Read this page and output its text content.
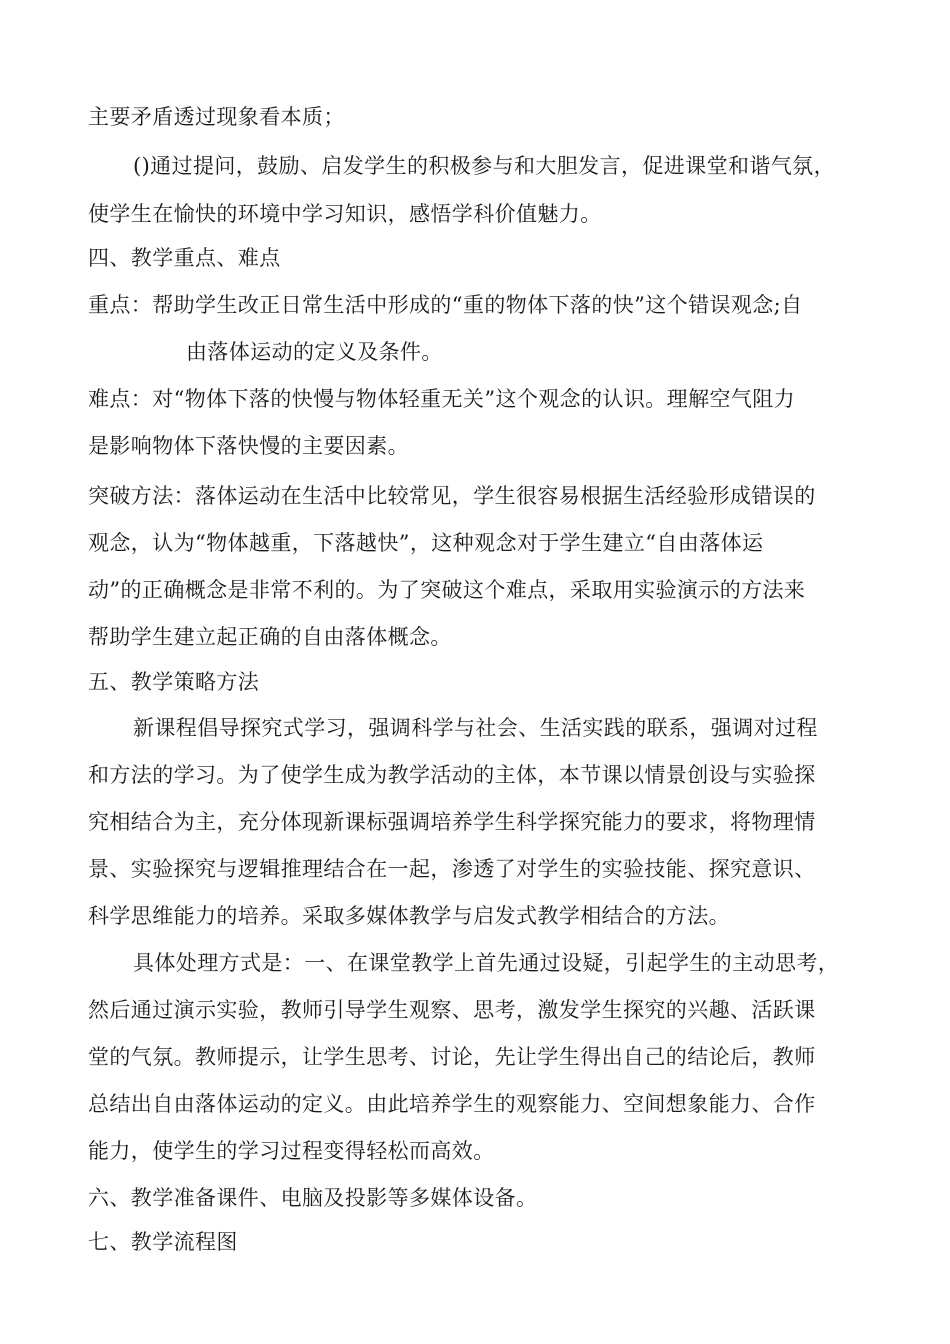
主要矛盾透过现象看本质；
()通过提问，鼓励、启发学生的积极参与和大胆发言，促进课堂和谐气氛，
使学生在愉快的环境中学习知识，感悟学科价值魅力。
四、教学重点、难点
重点：帮助学生改正日常生活中形成的“重的物体下落的快”这个错误观念;自
由落体运动的定义及条件。
难点：对“物体下落的快慢与物体轻重无关”这个观念的认识。理解空气阻力
是影响物体下落快慢的主要因素。
突破方法：落体运动在生活中比较常见，学生很容易根据生活经验形成错误的
观念，认为“物体越重，下落越快”，这种观念对于学生建立“自由落体运
动”的正确概念是非常不利的。为了突破这个难点，采取用实验演示的方法来
帮助学生建立起正确的自由落体概念。
五、教学策略方法
新课程倡导探究式学习，强调科学与社会、生活实践的联系，强调对过程
和方法的学习。为了使学生成为教学活动的主体，本节课以情景创设与实验探
究相结合为主，充分体现新课标强调培养学生科学探究能力的要求，将物理情
景、实验探究与逻辑推理结合在一起，渗透了对学生的实验技能、探究意识、
科学思维能力的培养。采取多媒体教学与启发式教学相结合的方法。
具体处理方式是：一、在课堂教学上首先通过设疑，引起学生的主动思考，
然后通过演示实验，教师引导学生观察、思考，激发学生探究的兴趣、活跃课
堂的气氛。教师提示，让学生思考、讨论，先让学生得出自己的结论后，教师
总结出自由落体运动的定义。由此培养学生的观察能力、空间想象能力、合作
能力，使学生的学习过程变得轻松而高效。
六、教学准备课件、电脑及投影等多媒体设备。
七、教学流程图
